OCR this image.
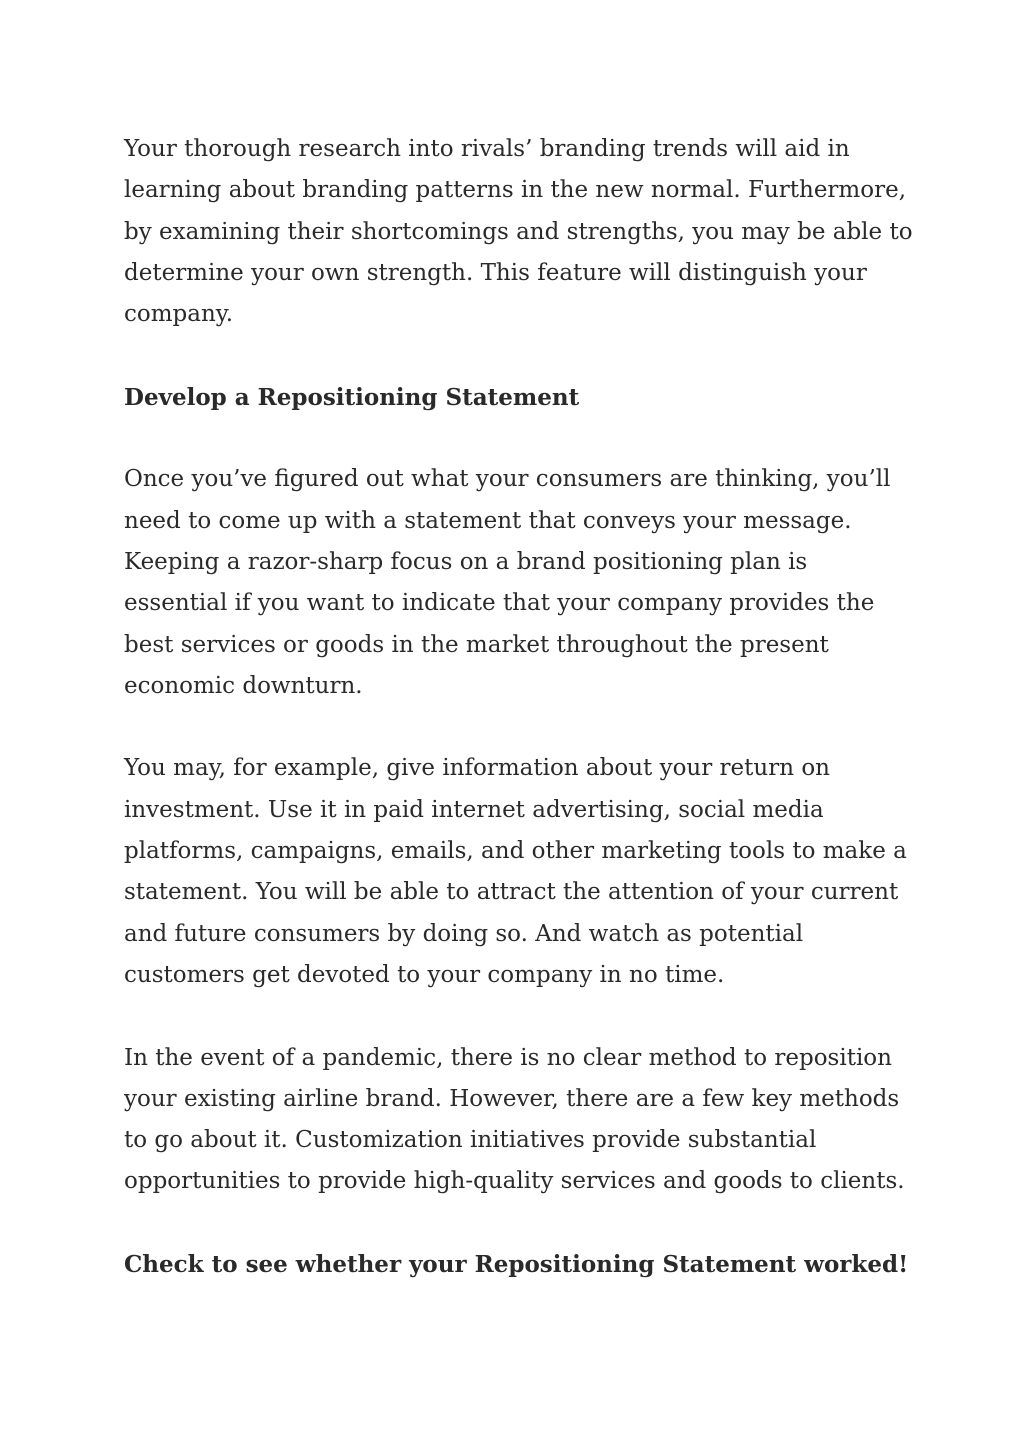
Your thorough research into rivals’ branding trends will aid in learning about branding patterns in the new normal. Furthermore, by examining their shortcomings and strengths, you may be able to determine your own strength. This feature will distinguish your company.

Develop a Repositioning Statement

Once you’ve figured out what your consumers are thinking, you’ll need to come up with a statement that conveys your message. Keeping a razor-sharp focus on a brand positioning plan is essential if you want to indicate that your company provides the best services or goods in the market throughout the present economic downturn.

You may, for example, give information about your return on investment. Use it in paid internet advertising, social media platforms, campaigns, emails, and other marketing tools to make a statement. You will be able to attract the attention of your current and future consumers by doing so. And watch as potential customers get devoted to your company in no time.

In the event of a pandemic, there is no clear method to reposition your existing airline brand. However, there are a few key methods to go about it. Customization initiatives provide substantial opportunities to provide high-quality services and goods to clients.

Check to see whether your Repositioning Statement worked!
